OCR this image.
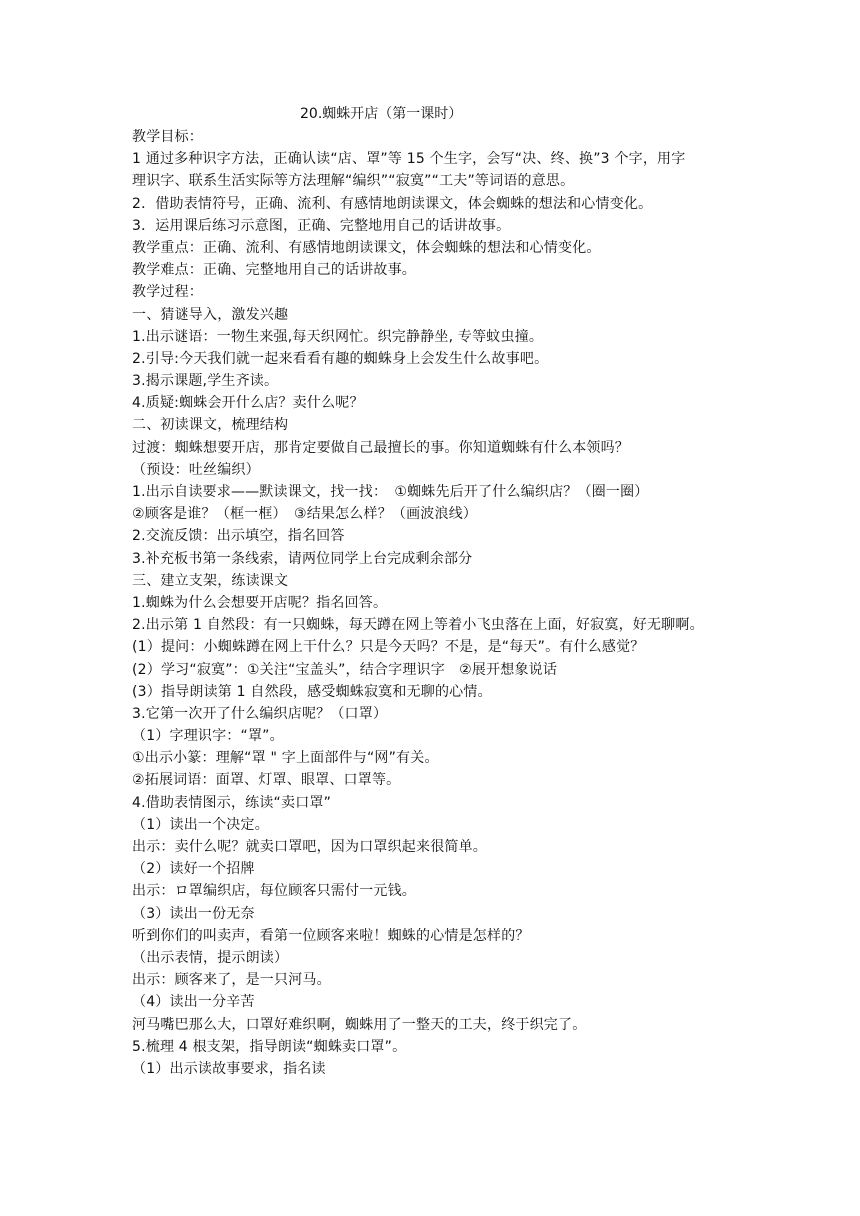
20.蜘蛛开店（第一课时）
教学目标：
1 通过多种识字方法，正确认读“店、罩”等 15 个生字，会写“决、终、换”3 个字，用字
理识字、联系生活实际等方法理解“编织”“寂寞”“工夫”等词语的意思。
2．借助表情符号，正确、流利、有感情地朗读课文，体会蜘蛛的想法和心情变化。
3．运用课后练习示意图，正确、完整地用自己的话讲故事。
教学重点：正确、流利、有感情地朗读课文，体会蜘蛛的想法和心情变化。
教学难点：正确、完整地用自己的话讲故事。
教学过程：
一、猜谜导入，激发兴趣
1.出示谜语：一物生来强,每天织网忙。织完静静坐, 专等蚊虫撞。
2.引导:今天我们就一起来看看有趣的蜘蛛身上会发生什么故事吧。
3.揭示课题,学生齐读。
4.质疑:蜘蛛会开什么店？卖什么呢？
二、初读课文，梳理结构
过渡：蜘蛛想要开店，那肯定要做自己最擅长的事。你知道蜘蛛有什么本领吗？
（预设：吐丝编织）
1.出示自读要求——默读课文，找一找：　①蜘蛛先后开了什么编织店？（圈一圈）
②顾客是谁？（框一框）　③结果怎么样？（画波浪线）
2.交流反馈：出示填空，指名回答
3.补充板书第一条线索，请两位同学上台完成剩余部分
三、建立支架，练读课文
1.蜘蛛为什么会想要开店呢？指名回答。
2.出示第 1 自然段：有一只蜘蛛，每天蹲在网上等着小飞虫落在上面，好寂寞，好无聊啊。
(1）提问：小蜘蛛蹲在网上干什么？只是今天吗？不是，是“每天”。有什么感觉？
(2）学习“寂寞”：①关注“宝盖头”，结合字理识字　②展开想象说话
(3）指导朗读第 1 自然段，感受蜘蛛寂寞和无聊的心情。
3.它第一次开了什么编织店呢？（口罩）
（1）字理识字：“罩”。
①出示小篆：理解“罩 " 字上面部件与“网”有关。
②拓展词语：面罩、灯罩、眼罩、口罩等。
4.借助表情图示，练读“卖口罩”
（1）读出一个决定。
出示：卖什么呢？就卖口罩吧，因为口罩织起来很简单。
（2）读好一个招牌
出示：ロ罩编织店，每位顾客只需付一元钱。
（3）读出一份无奈
听到你们的叫卖声，看第一位顾客来啦！蜘蛛的心情是怎样的？
（出示表情，提示朗读）
出示：顾客来了，是一只河马。
（4）读出一分辛苦
河马嘴巴那么大，口罩好难织啊，蜘蛛用了一整天的工夫，终于织完了。
5.梳理 4 根支架，指导朗读“蜘蛛卖口罩”。
（1）出示读故事要求，指名读
